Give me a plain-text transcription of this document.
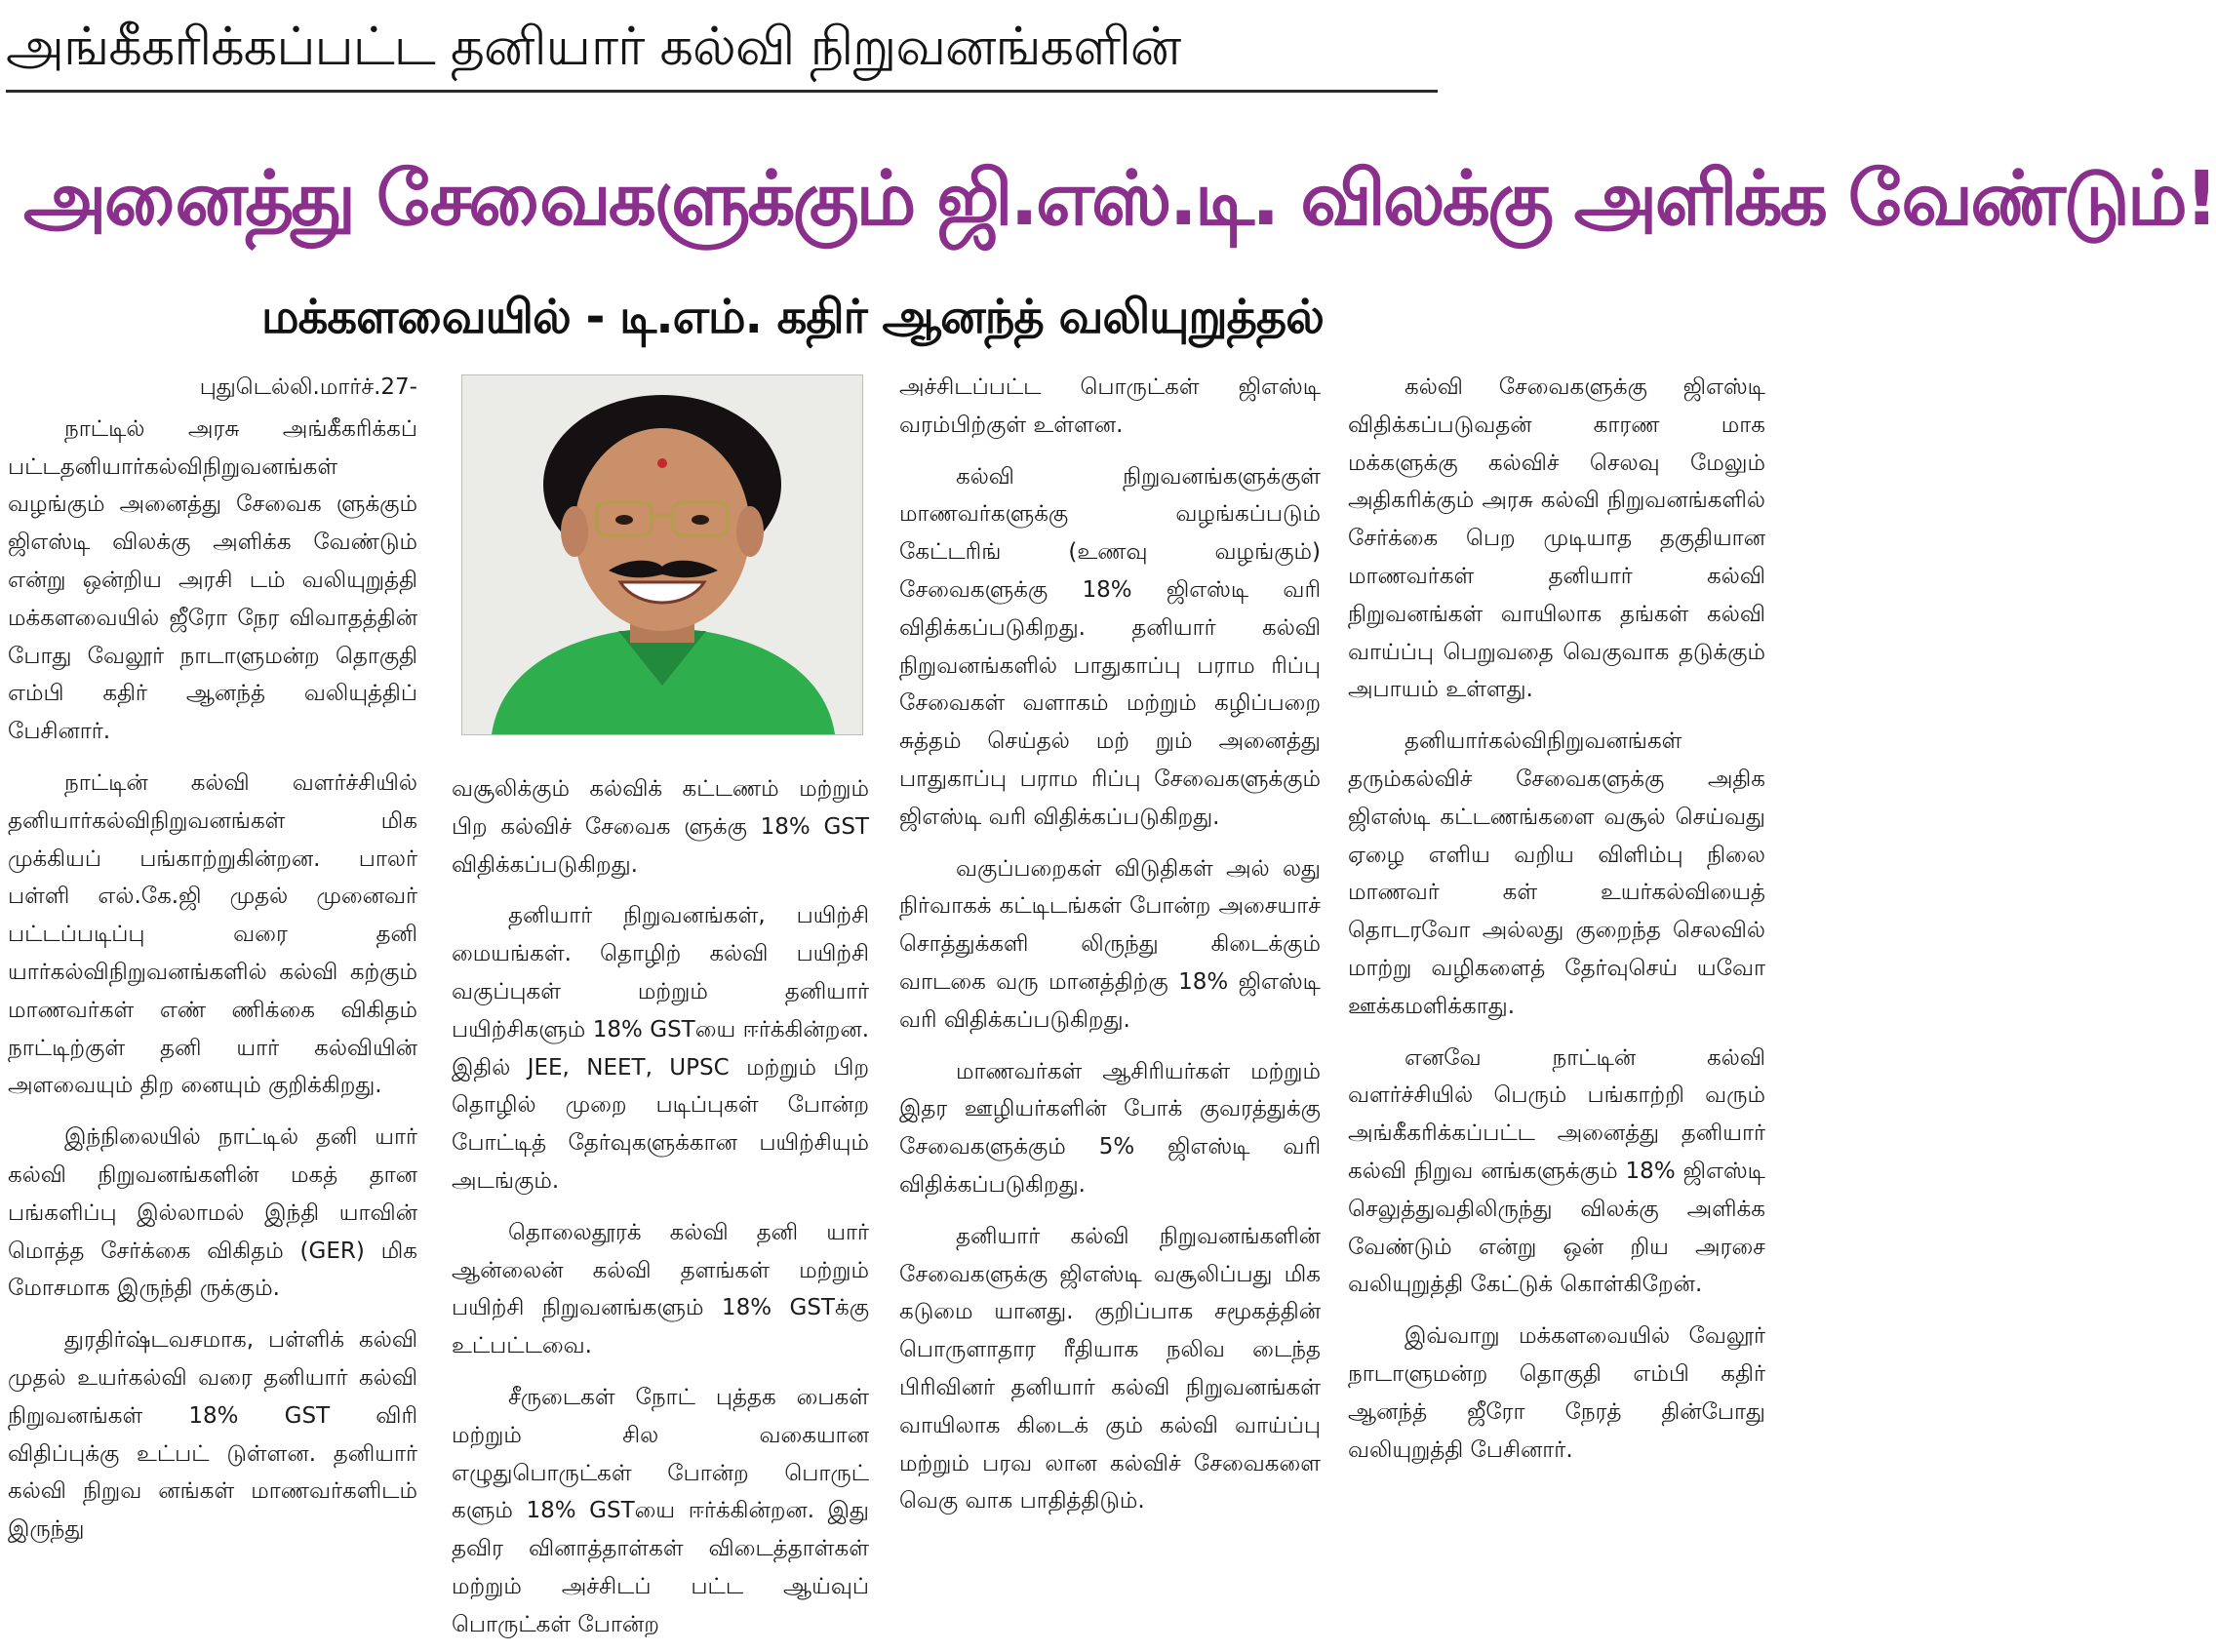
அங்கீகரிக்கப்பட்ட தனியார் கல்வி நிறுவனங்களின்
அனைத்து சேவைகளுக்கும் ஜி.எஸ்.டி. விலக்கு அளிக்க வேண்டும்!
மக்களவையில் - டி.எம். கதிர் ஆனந்த் வலியுறுத்தல்

புதுடெல்லி.மார்ச்.27-

நாட்டில் அரசு அங்கீகரிக்கப் பட்டதனியார்கல்விநிறுவனங்கள் வழங்கும் அனைத்து சேவைக ளுக்கும் ஜிஎஸ்டி விலக்கு அளிக்க வேண்டும் என்று ஒன்றிய அரசி டம் வலியுறுத்தி மக்களவையில் ஜீரோ நேர விவாதத்தின் போது வேலூர் நாடாளுமன்ற தொகுதி எம்பி கதிர் ஆனந்த் வலியுத்திப் பேசினார்.

நாட்டின் கல்வி வளர்ச்சியில் தனியார்கல்விநிறுவனங்கள் மிக முக்கியப் பங்காற்றுகின்றன. பாலர் பள்ளி எல்.கே.ஜி முதல் முனைவர் பட்டப்படிப்பு வரை தனி யார்கல்விநிறுவனங்களில் கல்வி கற்கும் மாணவர்கள் எண் ணிக்கை விகிதம் நாட்டிற்குள் தனி யார் கல்வியின் அளவையும் திற னையும் குறிக்கிறது.

இந்நிலையில் நாட்டில் தனி யார் கல்வி நிறுவனங்களின் மகத் தான பங்களிப்பு இல்லாமல் இந்தி யாவின் மொத்த சேர்க்கை விகிதம் (GER) மிக மோசமாக இருந்தி ருக்கும்.

துரதிர்ஷ்டவசமாக, பள்ளிக் கல்வி முதல் உயர்கல்வி வரை தனியார் கல்வி நிறுவனங்கள் 18% GST விரி விதிப்புக்கு உட்பட் டுள்ளன. தனியார் கல்வி நிறுவ னங்கள் மாணவர்களிடம் இருந்து

வசூலிக்கும் கல்விக் கட்டணம் மற்றும் பிற கல்விச் சேவைக ளுக்கு 18% GST விதிக்கப்படுகிறது.

தனியார் நிறுவனங்கள், பயிற்சி மையங்கள். தொழிற் கல்வி பயிற்சி வகுப்புகள் மற்றும் தனியார் பயிற்சிகளும் 18% GSTயை ஈர்க்கின்றன. இதில் JEE, NEET, UPSC மற்றும் பிற தொழில் முறை படிப்புகள் போன்ற போட்டித் தேர்வுகளுக்கான பயிற்சியும் அடங்கும்.

தொலைதூரக் கல்வி தனி யார் ஆன்லைன் கல்வி தளங்கள் மற்றும் பயிற்சி நிறுவனங்களும் 18% GSTக்கு உட்பட்டவை.

சீருடைகள் நோட் புத்தக பைகள் மற்றும் சில வகையான எழுதுபொருட்கள் போன்ற பொருட் களும் 18% GSTயை ஈர்க்கின்றன. இது தவிர வினாத்தாள்கள் விடைத்தாள்கள் மற்றும் அச்சிடப் பட்ட ஆய்வுப் பொருட்கள் போன்ற

அச்சிடப்பட்ட பொருட்கள் ஜிஎஸ்டி வரம்பிற்குள் உள்ளன.

கல்வி நிறுவனங்களுக்குள் மாணவர்களுக்கு வழங்கப்படும் கேட்டரிங் (உணவு வழங்கும்) சேவைகளுக்கு 18% ஜிஎஸ்டி வரி விதிக்கப்படுகிறது. தனியார் கல்வி நிறுவனங்களில் பாதுகாப்பு பராம ரிப்பு சேவைகள் வளாகம் மற்றும் கழிப்பறை சுத்தம் செய்தல் மற் றும் அனைத்து பாதுகாப்பு பராம ரிப்பு சேவைகளுக்கும் ஜிஎஸ்டி வரி விதிக்கப்படுகிறது.

வகுப்பறைகள் விடுதிகள் அல் லது நிர்வாகக் கட்டிடங்கள் போன்ற அசையாச் சொத்துக்களி லிருந்து கிடைக்கும் வாடகை வரு மானத்திற்கு 18% ஜிஎஸ்டி வரி விதிக்கப்படுகிறது.

மாணவர்கள் ஆசிரியர்கள் மற்றும் இதர ஊழியர்களின் போக் குவரத்துக்கு சேவைகளுக்கும் 5% ஜிஎஸ்டி வரி விதிக்கப்படுகிறது.

தனியார் கல்வி நிறுவனங்களின் சேவைகளுக்கு ஜிஎஸ்டி வசூலிப்பது மிக கடுமை யானது. குறிப்பாக சமூகத்தின் பொருளாதார ரீதியாக நலிவ டைந்த பிரிவினர் தனியார் கல்வி நிறுவனங்கள் வாயிலாக கிடைக் கும் கல்வி வாய்ப்பு மற்றும் பரவ லான கல்விச் சேவைகளை வெகு வாக பாதித்திடும்.

கல்வி சேவைகளுக்கு ஜிஎஸ்டி விதிக்கப்படுவதன் காரண மாக மக்களுக்கு கல்விச் செலவு மேலும் அதிகரிக்கும் அரசு கல்வி நிறுவனங்களில் சேர்க்கை பெற முடியாத தகுதியான மாணவர்கள் தனியார் கல்வி நிறுவனங்கள் வாயிலாக தங்கள் கல்வி வாய்ப்பு பெறுவதை வெகுவாக தடுக்கும் அபாயம் உள்ளது.

தனியார்கல்விநிறுவனங்கள் தரும்கல்விச் சேவைகளுக்கு அதிக ஜிஎஸ்டி கட்டணங்களை வசூல் செய்வது ஏழை எளிய வறிய விளிம்பு நிலை மாணவர் கள் உயர்கல்வியைத் தொடரவோ அல்லது குறைந்த செலவில் மாற்று வழிகளைத் தேர்வுசெய் யவோ ஊக்கமளிக்காது.

எனவே நாட்டின் கல்வி வளர்ச்சியில் பெரும் பங்காற்றி வரும் அங்கீகரிக்கப்பட்ட அனைத்து தனியார் கல்வி நிறுவ னங்களுக்கும் 18% ஜிஎஸ்டி செலுத்துவதிலிருந்து விலக்கு அளிக்க வேண்டும் என்று ஒன் றிய அரசை வலியுறுத்தி கேட்டுக் கொள்கிறேன்.

இவ்வாறு மக்களவையில் வேலூர் நாடாளுமன்ற தொகுதி எம்பி கதிர் ஆனந்த் ஜீரோ நேரத் தின்போது வலியுறுத்தி பேசினார்.
